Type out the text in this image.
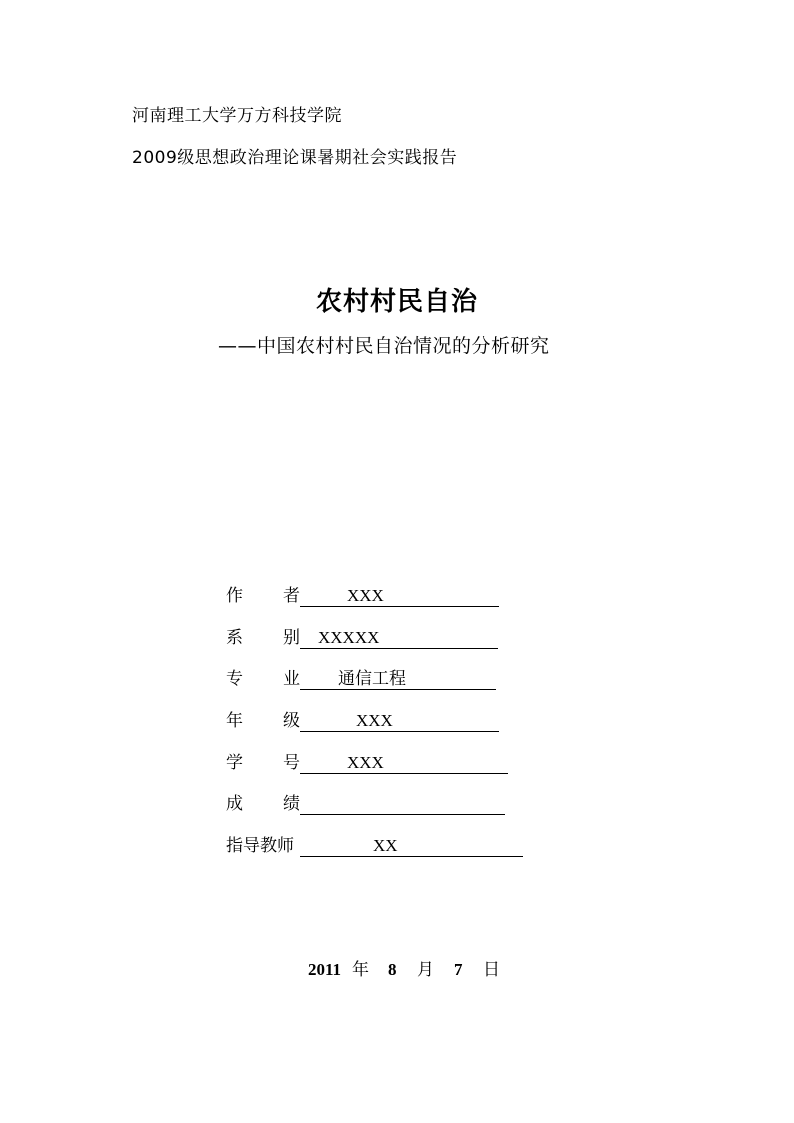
河南理工大学万方科技学院
2009级思想政治理论课暑期社会实践报告
农村村民自治
——中国农村村民自治情况的分析研究
作 者	XXX
系 别 XXXXX
专 业 通信工程
年 级	XXX
学 号	XXX
成 绩
指导教师	XX
2011 年 8 月 7 日
